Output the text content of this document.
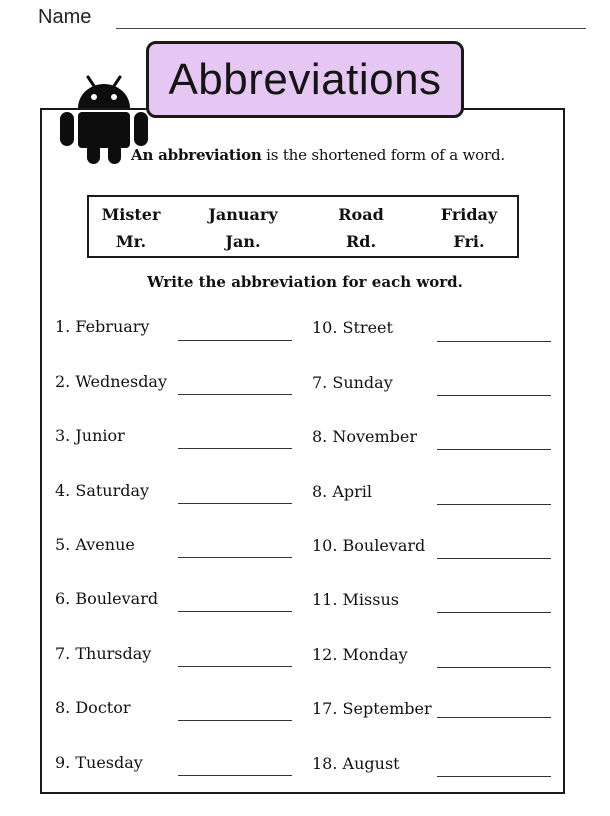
Name
Abbreviations
An abbreviation is the shortened form of a word.
Mister
Mr.
January
Jan.
Road
Rd.
Friday
Fri.
Write the abbreviation for each word.
1. February
2. Wednesday
3. Junior
4. Saturday
5. Avenue
6. Boulevard
7. Thursday
8. Doctor
9. Tuesday
10. Street
7. Sunday
8. November
8. April
10. Boulevard
11. Missus
12. Monday
17. September
18. August
